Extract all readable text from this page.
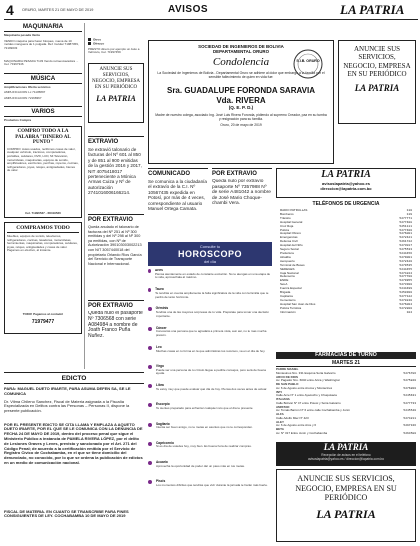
4 ORURO, MARTES 21 DE MAYO DE 2019	AVISOS	LA PATRIA
MAQUINARIA
Maquinaria pesada Venta
VENDO máquina para hacer bloques, nueva de 10 moldes manguera de 1 pulgada. Ref. Celular 71987459, 72199033
MAQUINARIA PESADA 7133 Vendo retroexcavadora ... Cel. 71997346
MÚSICA
Amplificaciones Oferta servicios
AMPLIFICACIÓN Lc 71105897
AMPLIFICACIÓN 72168367
VARIOS
Productos Compra
COMPRO TODO A LA PALABRA "DINERO AL PUNTO"
COMPRO: Autos usados, recibimos cosas de valor, cualquier vehículo, tractores, computadoras, portátiles, celulares, DVD, LCD, Mi Televisión, motocicletas, maquinarias, equipos de sonido, amplificadores, escritorios, perchas, roperos, cocinas, refrigeradores, joyas, relojes, antigüedades, bienes de valor.
Cel. 71996537 - 68419520
COMPRAMOS TODO
Muebles, equipos de sonido, televisores, refrigeradores, cocinas, lavadoras, motocicletas, herramientas, maquinarias, computadoras, celulares, joyas, relojes, antigüedades y cosas de valor. Pagamos en efectivo, al instante.
TODO! Pagamos al contado!
71979477
Otros
Ofrezco
PRESTO dinero por ejemplo un Auto a Vehículo, Cel. 71997459
ANUNCIE SUS SERVICIOS, NEGOCIO, EMPRESA EN SU PERIÓDICO
LA PATRIA
SOCIEDAD DE INGENIEROS DE BOLIVIA
DEPARTAMENTAL ORURO
Condolencia
La Sociedad de Ingenieros de Bolivia - Departamental Oruro se adhiere al dolor que embarga a la familia por el sensible fallecimiento de quien en vida fue:
Sra. GUADALUPE FORONDA SARAVIA
Vda. RIVERA
(Q. E. P. D.)
Madre de nuestro colega, asociado Ing. José Luis Rivera Foronda, pidiendo al supremo Creador, paz en su tumba y resignación para su familia.
Oruro, 20 de mayo de 2019
S.I.B. ORURO
ANUNCIE SUS SERVICIOS, NEGOCIO, EMPRESA EN SU PERIÓDICO
LA PATRIA
EXTRAVIO
Se extravió talonario de facturas del Nº 601 al 850 y de 851 al 900 emitidas de la gestión 2016 y 2017, NIT 4075418017 perteneciente a Mónica Armas Cuiza y Nº de autorización 2741016006166214.
POR EXTRAVIO
Queda anulado el talonario de facturas del Nº 251 al Nº 300 emitidas y del Nº 298 al Nº 300 ya emitidas, con Nº de Autorización 390103003002213 con NIT 3057440018 del propietario Orlando Rios García del Servicio de Transporte Nacional e Internacional.
POR EXTRAVIO
Queda nulo el pasaporte Nº 7306568 con serie A084984 a nombre de Joath Franco Puña Nuñez.
COMUNICADO
Se comunica a la ciudadanía el extravío de la C.I. Nº 10567435 expedida en Potosí, por más de 4 veces, correspondiente al usuario Manuel Ortega Camata.
POR EXTRAVIO
Queda nulo por extravío pasaporte Nº 7357988 Nº de serie A481042 a nombre de José Mario Choque-chambi Vera.
Consulte tu
HOROSCOPO
del día
Aries
Piensa atentamente en estado de constante evolución. No te atengas en una etapa de tu vida, aprovéchala al máximo.
Tauro
Te tendrás en cuenta ampliamente la falta significativa de la vida con la familia que te perdió de tanto horizonte.
Géminis
Tendrás una de las mayores sorpresas de tu vida. Prepárate para tomar una decisión importante.
Cáncer
Conocerás una persona que te agradará a primera vista, aun así, no le mas mucha presión.
Leo
Muchas cosas en tu forma en la que administras tus recursos, va en el día de hoy.
Virgo
Puede ser una persona de tu círculo llegue a pedirte consejos, pero será de buena ayuda.
Libra
Te estoy muy que puede evaluar qué día de hoy. Piensa dos veces antes de actuar.
Escorpio
Te sientes preparado para enfrentar cualquier reto que el día te presente.
Sagitario
Intenta ser buen amigo, no te metas en asuntos que no te corresponden.
Capricornio
Si es día de ustedes hoy, muy bien. Es buena hora de realizar compras.
Acuario
Aprovecha la oportunidad de poder dar un paso más en tus metas.
Piscis
Los momentos difíciles que tendrás que vivir durante la jornada te harán más fuerte.
LA PATRIA
avisoslapatria@yahoo.es
direccion@lapatria.com.bo
TELÉFONOS DE URGENCIA
RADIO PATRULLAS	110
Bomberos	119
Tránsito	5277771
Hospital General	5277408
Cruz Roja	5251111
Policía	5277400
Hospital Obrero	5276001
Emergencias	5272421
Defensa Civil	5261722
Hospital del Niño	5273017
Seguro Social	5275533
Prefectura	5244456
Alcaldía	5279001
Aeropuerto	5272420
Terminal de Buses	5279535
SEDEGES	5244455
Caja Nacional	5274224
Defensoría	5277700
ENDE	5279955
SeLA	5273300
Fuerza Especial	5244499
Brigada	5250300
Capitanía	5277122
Cementerio	5270240
Hospital San Juan de Dios	5276004
Policía Turística	5272800
Información	104
FARMACIAS DE TURNO
MARTES 21
PADRE MASIEL
Montesinos Nro. 331 Esquina Soria Galvarro	5276786
ARCO DE DIOS
Av. Pagador Nro. 6040 entre Arica y Washington	5275820
DE SAN PABLO
Av. 6 de Agosto entre Aroma y Montecinos	5276800
INTI
Calle Arce Nº 1 entre Ayacucho y Chuquisaca	5245631
ITALIANA
Calle Bolívar Nº 47 entre Potosí y Soria Galvarro	5277733
AMISTAD
Av. Tomás Barrón Nº 6 entre calle Cochabamba y Junín	5245540
ALFA
Calle Adolfo Mier Nº 423	5274211
ALEY
Av. 6 de Agosto entre Arce y 6	5297346
BETA
Av. Nº 317 Entre Junín y Cochabamba	5264580
LA PATRIA
Recepción de avisos en el teléfono
avisoslapatria@yahoo.es / direccion@lapatria.com.bo
ANUNCIE SUS SERVICIOS, NEGOCIO, EMPRESA EN SU PERIÓDICO
LA PATRIA
EDICTO
PARA: MAGUEL DUETO IRIARTE, PARA ASUMA DEFEN SA, SE LE COMUNICA
Dr. Vilma Chileno Sanchez, Fiscal de Materia asignada a la Fiscalía Especializada en Delitos contra las Personas – Personas II, dispone la presente publicación.
POR EL PRESENTE EDICTO SE CITA LLAMA Y EMPLAZA A AQUETO DUETO IRIARTE, POR EL QUE SE LE COMUNICA CON LA DENUNCIA DE FECHA 24 DE MAYO DE 2019, dentro del proceso penal que sigue el Ministerio Público a instancia de PAMELA RIVERA LÓPEZ, por el delito de Lesiones Graves y Leves, previsto y sancionado por el Art. 271 del Código Penal; de acuerdo a la certificación emitida por el Servicio de Registro Cívico de Cochabamba, en el que se tiene domicilio del denunciado, no conocido, por lo que se ordena la publicación de edictos en un medio de comunicación nacional.
FISCAL DE MATERIA. EN CUANTO SE TRANSCRIBE PARA FINES CONSIGUIENTES DE LEY. COCHABAMBA 10 DE MAYO DE 2019
